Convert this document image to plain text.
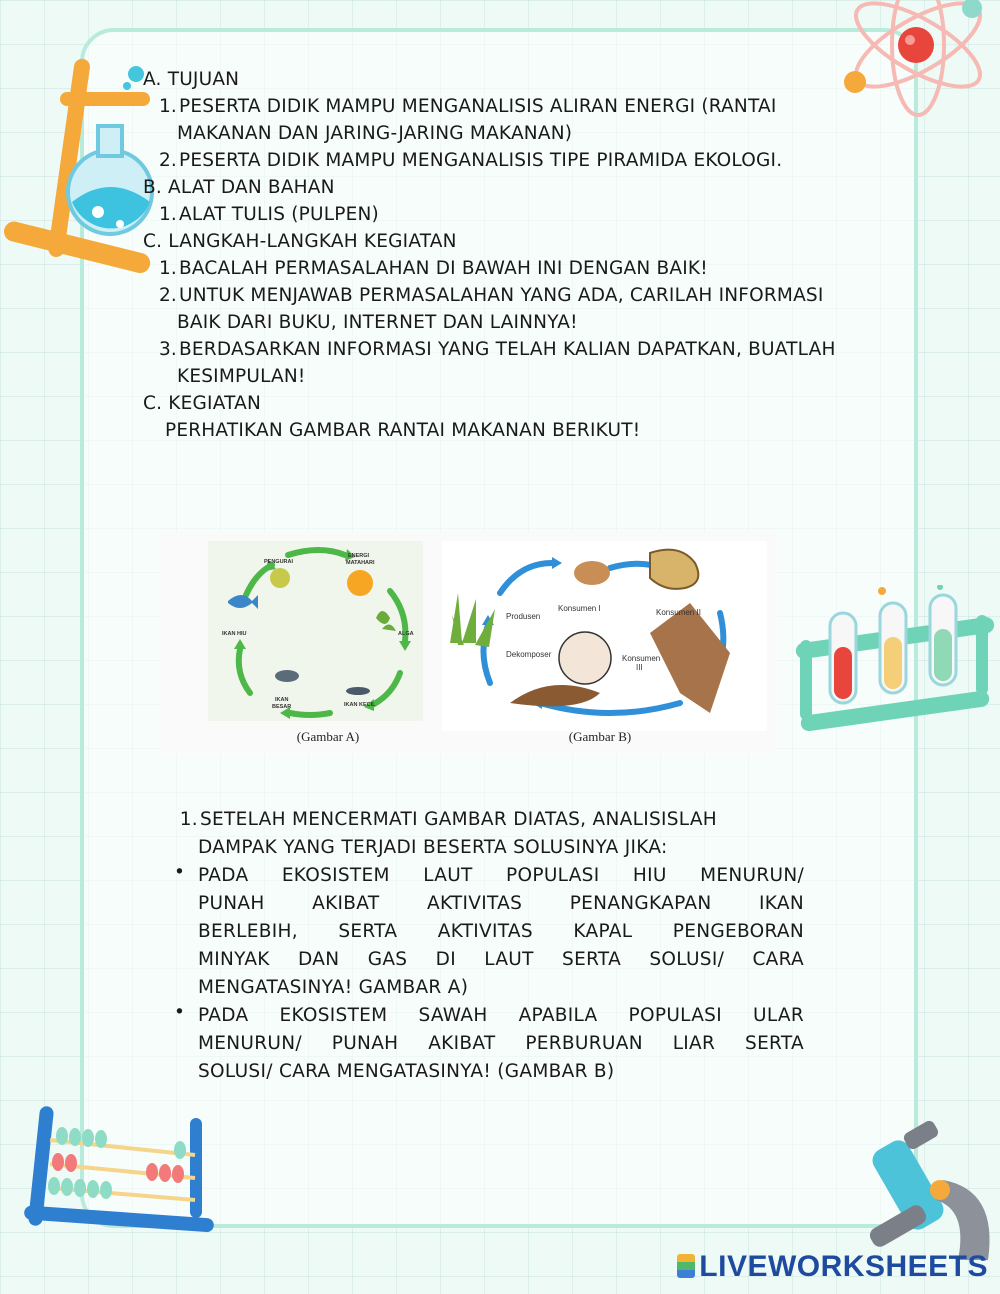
A. TUJUAN
1. PESERTA DIDIK MAMPU MENGANALISIS ALIRAN ENERGI (RANTAI
MAKANAN DAN JARING-JARING MAKANAN)
2. PESERTA DIDIK MAMPU MENGANALISIS TIPE PIRAMIDA EKOLOGI.
B. ALAT DAN BAHAN
1. ALAT TULIS (PULPEN)
C. LANGKAH-LANGKAH KEGIATAN
1. BACALAH PERMASALAHAN DI BAWAH INI DENGAN BAIK!
2. UNTUK MENJAWAB PERMASALAHAN YANG ADA, CARILAH INFORMASI
BAIK DARI BUKU, INTERNET DAN LAINNYA!
3. BERDASARKAN INFORMASI YANG TELAH KALIAN DAPATKAN, BUATLAH
KESIMPULAN!
C. KEGIATAN
PERHATIKAN GAMBAR RANTAI MAKANAN BERIKUT!
PENGURAI
ENERGI
MATAHARI
ALGA
IKAN KECIL
IKAN
BESAR
IKAN HIU
(Gambar A)
Produsen
Konsumen I	Konsumen II
Konsumen
III
Dekomposer
(Gambar B)
1. SETELAH MENCERMATI GAMBAR DIATAS, ANALISISLAH
DAMPAK YANG TERJADI BESERTA SOLUSINYA JIKA:
• PADA EKOSISTEM LAUT POPULASI HIU MENURUN/
PUNAH AKIBAT AKTIVITAS PENANGKAPAN IKAN
BERLEBIH, SERTA AKTIVITAS KAPAL PENGEBORAN
MINYAK DAN GAS DI LAUT SERTA SOLUSI/ CARA
MENGATASINYA! GAMBAR A)
• PADA EKOSISTEM SAWAH APABILA POPULASI ULAR
MENURUN/ PUNAH AKIBAT PERBURUAN LIAR SERTA
SOLUSI/ CARA MENGATASINYA! (GAMBAR B)
LIVEWORKSHEETS
